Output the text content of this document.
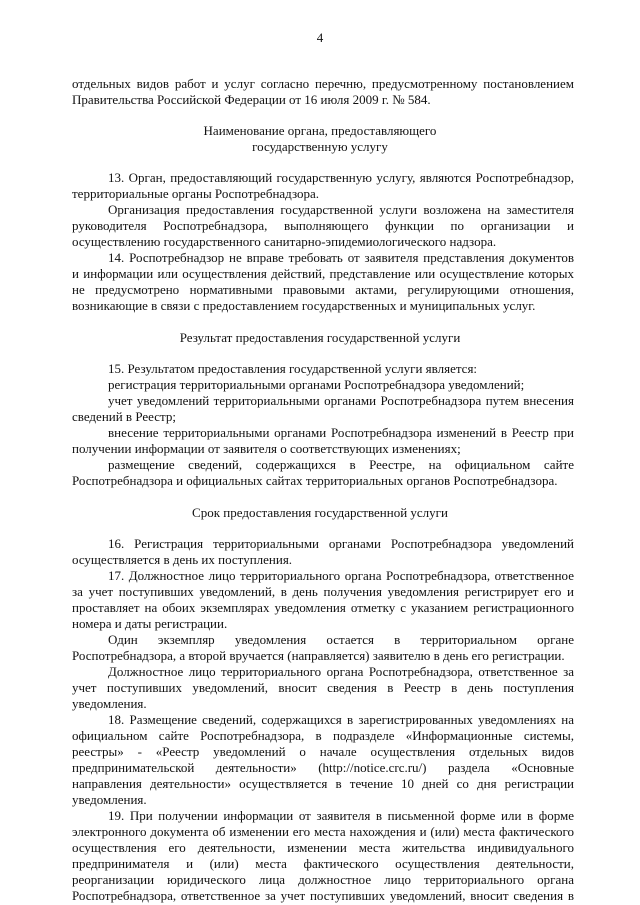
4
отдельных видов работ и услуг согласно перечню, предусмотренному постановлением
Правительства Российской Федерации от 16 июля 2009 г. № 584.
Наименование органа, предоставляющего
государственную услугу
13. Орган, предоставляющий государственную услугу, являются Роспотребнадзор,
территориальные органы Роспотребнадзора.
Организация предоставления государственной услуги возложена на заместителя
руководителя Роспотребнадзора, выполняющего функции по организации и
осуществлению государственного санитарно-эпидемиологического надзора.
14. Роспотребнадзор не вправе требовать от заявителя представления документов
и информации или осуществления действий, представление или осуществление которых
не предусмотрено нормативными правовыми актами, регулирующими отношения,
возникающие в связи с предоставлением государственных и муниципальных услуг.
Результат предоставления государственной услуги
15. Результатом предоставления государственной услуги является:
регистрация территориальными органами Роспотребнадзора уведомлений;
учет уведомлений территориальными органами Роспотребнадзора путем внесения
сведений в Реестр;
внесение территориальными органами Роспотребнадзора изменений в Реестр при
получении информации от заявителя о соответствующих изменениях;
размещение сведений, содержащихся в Реестре, на официальном сайте
Роспотребнадзора и официальных сайтах территориальных органов Роспотребнадзора.
Срок предоставления государственной услуги
16. Регистрация территориальными органами Роспотребнадзора уведомлений
осуществляется в день их поступления.
17. Должностное лицо территориального органа Роспотребнадзора, ответственное
за учет поступивших уведомлений, в день получения уведомления регистрирует его и
проставляет на обоих экземплярах уведомления отметку с указанием регистрационного
номера и даты регистрации.
Один экземпляр уведомления остается в территориальном органе
Роспотребнадзора, а второй вручается (направляется) заявителю в день его регистрации.
Должностное лицо территориального органа Роспотребнадзора, ответственное за
учет поступивших уведомлений, вносит сведения в Реестр в день поступления
уведомления.
18. Размещение сведений, содержащихся в зарегистрированных уведомлениях на
официальном сайте Роспотребнадзора, в подразделе «Информационные системы,
реестры» - «Реестр уведомлений о начале осуществления отдельных видов
предпринимательской деятельности» (http://notice.crc.ru/) раздела «Основные
направления деятельности» осуществляется в течение 10 дней со дня регистрации
уведомления.
19. При получении информации от заявителя в письменной форме или в форме
электронного документа об изменении его места нахождения и (или) места фактического
осуществления его деятельности, изменении места жительства индивидуального
предпринимателя и (или) места фактического осуществления деятельности,
реорганизации юридического лица должностное лицо территориального органа
Роспотребнадзора, ответственное за учет поступивших уведомлений, вносит сведения в
